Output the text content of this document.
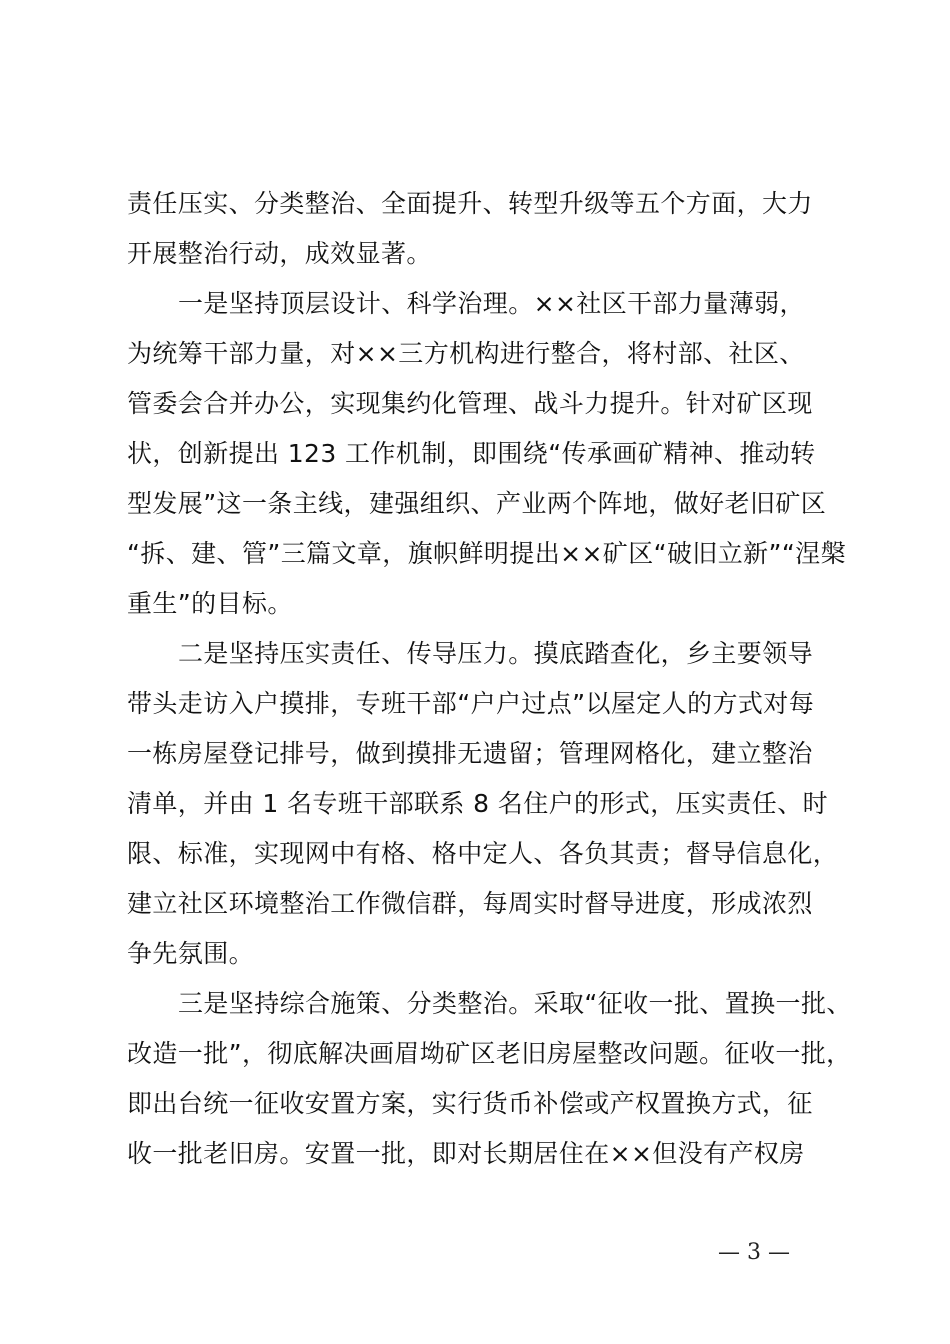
责任压实、分类整治、全面提升、转型升级等五个方面，大力
开展整治行动，成效显著。
一是坚持顶层设计、科学治理。××社区干部力量薄弱，
为统筹干部力量，对××三方机构进行整合，将村部、社区、
管委会合并办公，实现集约化管理、战斗力提升。针对矿区现
状，创新提出 123 工作机制，即围绕“传承画矿精神、推动转
型发展”这一条主线，建强组织、产业两个阵地，做好老旧矿区
“拆、建、管”三篇文章，旗帜鲜明提出××矿区“破旧立新”“涅槃
重生”的目标。
二是坚持压实责任、传导压力。摸底踏查化，乡主要领导
带头走访入户摸排，专班干部“户户过点”以屋定人的方式对每
一栋房屋登记排号，做到摸排无遗留；管理网格化，建立整治
清单，并由 1 名专班干部联系 8 名住户的形式，压实责任、时
限、标准，实现网中有格、格中定人、各负其责；督导信息化，
建立社区环境整治工作微信群，每周实时督导进度，形成浓烈
争先氛围。
三是坚持综合施策、分类整治。采取“征收一批、置换一批、
改造一批”，彻底解决画眉坳矿区老旧房屋整改问题。征收一批，
即出台统一征收安置方案，实行货币补偿或产权置换方式，征
收一批老旧房。安置一批，即对长期居住在××但没有产权房
— 3 —
